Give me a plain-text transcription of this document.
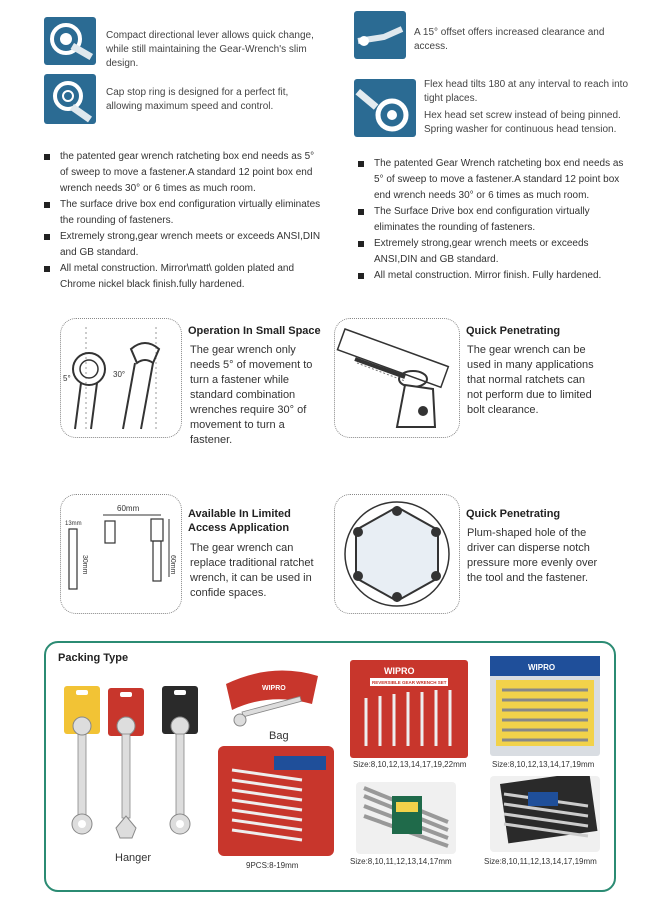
Compact directional lever allows quick change, while still maintaining the Gear-Wrench's slim design.
Cap stop ring is designed for a perfect fit, allowing maximum speed and control.
the patented gear wrench ratcheting box end needs as 5° of sweep to move a fastener.A standard 12 point box end wrench needs 30° or 6 times as much room.
The surface drive box end configuration virtually eliminates the rounding of fasteners.
Extremely strong,gear wrench meets or exceeds ANSI,DIN and GB standard.
All metal construction. Mirror\matt\ golden plated and Chrome nickel black finish.fully hardened.
A 15° offset offers increased clearance and access.
Flex head tilts 180 at any interval to reach into tight places.
Hex head set screw instead of being pinned. Spring washer for continuous head tension.
The patented Gear Wrench ratcheting box end needs as 5° of sweep to move a fastener.A standard 12 point box end wrench needs 30° or 6 times as much room.
The Surface Drive box end configuration virtually eliminates the rounding of fasteners.
Extremely strong,gear wrench meets or exceeds ANSI,DIN and GB standard.
All metal construction. Mirror finish. Fully hardened.
5°	30°
Operation In Small Space
The gear wrench only needs 5° of movement to turn a fastener while standard combination wrenches require 30° of movement to turn a fastener.
Quick Penetrating
The gear wrench can be used in many applications that normal ratchets can not perform due to limited bolt clearance.
60mm
60mm
13mm
30mm
Available In Limited Access Application
The gear wrench can replace traditional ratchet wrench, it can be used in confide spaces.
Quick Penetrating
Plum-shaped hole of the driver can disperse notch pressure more evenly over the tool and the fastener.
Packing Type
Hanger
WIPRO
Bag
9PCS:8-19mm
WIPRO
REVERSIBLE GEAR WRENCH SET
Size:8,10,12,13,14,17,19,22mm
WIPRO
Size:8,10,12,13,14,17,19mm
Size:8,10,11,12,13,14,17mm	Size:8,10,11,12,13,14,17,19mm
